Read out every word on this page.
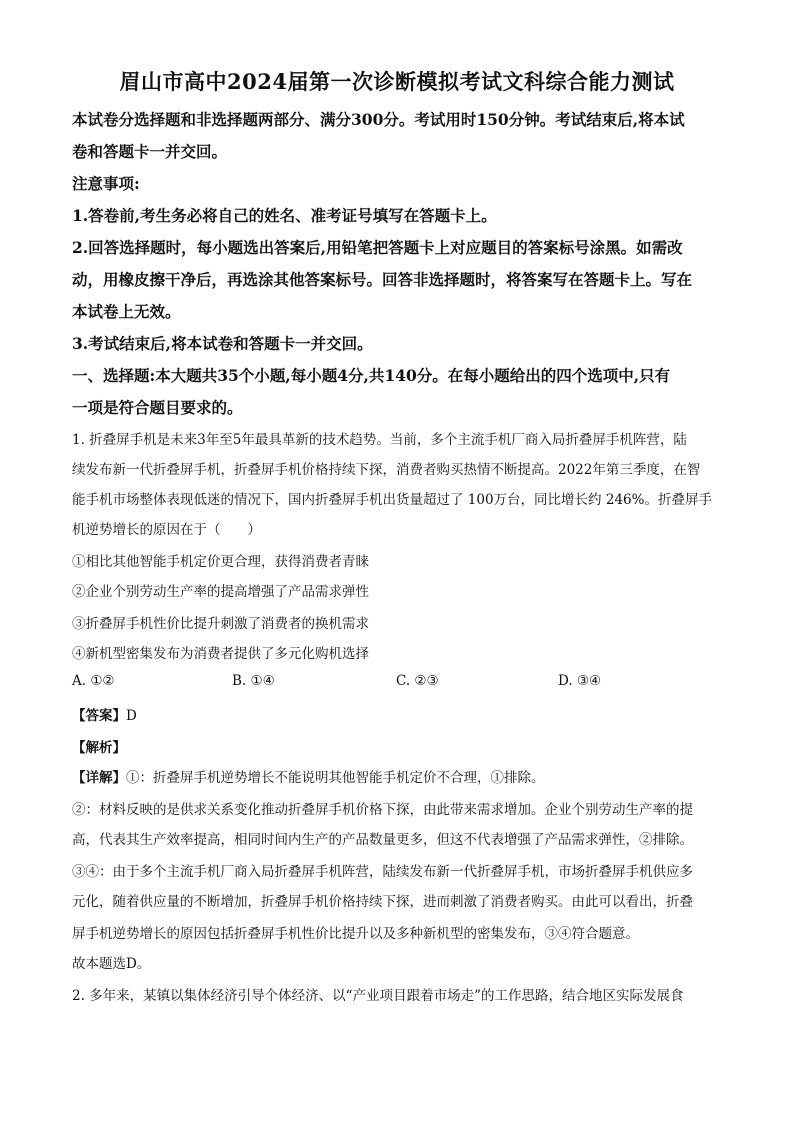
眉山市高中2024届第一次诊断模拟考试文科综合能力测试
本试卷分选择题和非选择题两部分、满分300分。考试用时150分钟。考试结束后,将本试
卷和答题卡一并交回。
注意事项:
1.答卷前,考生务必将自己的姓名、准考证号填写在答题卡上。
2.回答选择题时，每小题选出答案后,用铅笔把答题卡上对应题目的答案标号涂黑。如需改
动，用橡皮擦干净后，再选涂其他答案标号。回答非选择题时，将答案写在答题卡上。写在
本试卷上无效。
3.考试结束后,将本试卷和答题卡一并交回。
一、选择题:本大题共35个小题,每小题4分,共140分。在每小题给出的四个选项中,只有
一项是符合题目要求的。
1. 折叠屏手机是未来3年至5年最具革新的技术趋势。当前，多个主流手机厂商入局折叠屏手机阵营，陆
续发布新一代折叠屏手机，折叠屏手机价格持续下探，消费者购买热情不断提高。2022年第三季度，在智
能手机市场整体表现低迷的情况下，国内折叠屏手机出货量超过了 100万台，同比增长约 246%。折叠屏手
机逆势增长的原因在于（　　）
①相比其他智能手机定价更合理，获得消费者青睐
②企业个别劳动生产率的提高增强了产品需求弹性
③折叠屏手机性价比提升刺激了消费者的换机需求
④新机型密集发布为消费者提供了多元化购机选择
A. ①②	B. ①④	C. ②③	D. ③④
【答案】D
【解析】
【详解】①：折叠屏手机逆势增长不能说明其他智能手机定价不合理，①排除。
②：材料反映的是供求关系变化推动折叠屏手机价格下探，由此带来需求增加。企业个别劳动生产率的提
高，代表其生产效率提高，相同时间内生产的产品数量更多，但这不代表增强了产品需求弹性，②排除。
③④：由于多个主流手机厂商入局折叠屏手机阵营，陆续发布新一代折叠屏手机，市场折叠屏手机供应多
元化，随着供应量的不断增加，折叠屏手机价格持续下探，进而刺激了消费者购买。由此可以看出，折叠
屏手机逆势增长的原因包括折叠屏手机性价比提升以及多种新机型的密集发布，③④符合题意。
故本题选D。
2. 多年来，某镇以集体经济引导个体经济、以“产业项目跟着市场走”的工作思路，结合地区实际发展食
